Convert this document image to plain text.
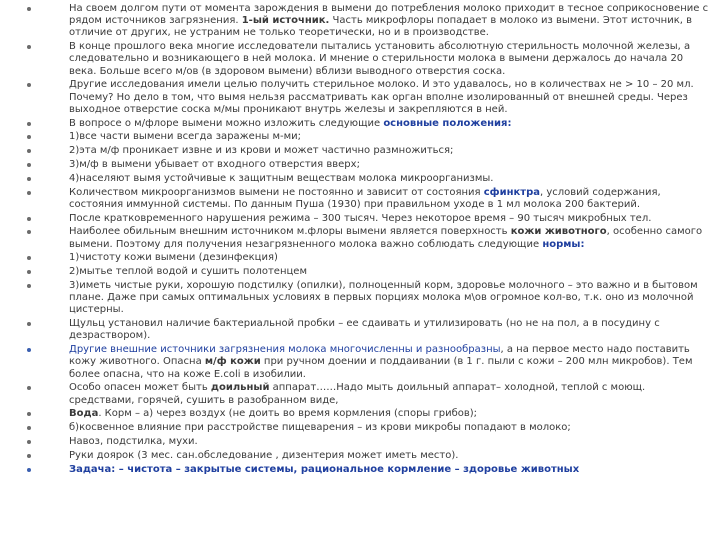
На своем долгом пути от момента зарождения в вымени до потребления молоко приходит в тесное соприкосновение с рядом источников загрязнения. 1-ый источник. Часть микрофлоры попадает в молоко из вымени. Этот источник, в отличие от других, не устраним не только теоретически, но и в производстве.
В конце прошлого века многие исследователи пытались установить абсолютную стерильность молочной железы, а следовательно и возникающего в ней молока. И мнение о стерильности молока в вымени держалось до начала 20 века. Больше всего м/ов (в здоровом вымени) вблизи выводного отверстия соска.
Другие исследования имели целью получить стерильное молоко. И это удавалось, но в количествах не > 10 – 20 мл. Почему? Но дело в том, что вымя нельзя рассматривать как орган вполне изолированный от внешней среды. Через выходное отверстие соска м/мы проникают внутрь железы и закрепляются в ней.
В вопросе о м/флоре вымени можно изложить следующие основные положения:
1)все части вымени всегда заражены м-ми;
2)эта м/ф проникает извне и из крови и может частично размножиться;
3)м/ф в вымени убывает от входного отверстия вверх;
4)населяют вымя устойчивые к защитным веществам молока микроорганизмы.
Количеством микроорганизмов вымени не постоянно и зависит от состояния сфинктра, условий содержания, состояния иммунной системы. По данным Пуша (1930) при правильном уходе в 1 мл молока 200 бактерий.
После кратковременного нарушения режима – 300 тысяч. Через некоторое время – 90 тысяч микробных тел.
Наиболее обильным внешним источником м.флоры вымени является поверхность кожи животного, особенно самого вымени. Поэтому для получения незагрязненного молока важно соблюдать следующие нормы:
1)чистоту кожи вымени (дезинфекция)
2)мытье теплой водой и сушить полотенцем
3)иметь чистые руки, хорошую подстилку (опилки), полноценный корм, здоровье молочного – это важно и в бытовом плане. Даже при самых оптимальных условиях в первых порциях молока м\ов огромное кол-во, т.к. оно из молочной цистерны.
Щульц установил наличие бактериальной пробки – ее сдаивать и утилизировать (но не на пол, а в посудину с дезраствором).
Другие внешние источники загрязнения молока многочисленны и разнообразны, а на первое место надо поставить кожу животного. Опасна м/ф кожи при ручном доении и поддаивании (в 1 г. пыли с кожи – 200 млн микробов). Тем более опасна, что на коже E.coli в изобилии.
Особо опасен может быть доильный аппарат……Надо мыть доильный аппарат– холодной, теплой с моющ. средствами, горячей, сушить в разобранном виде,
Вода. Корм – а) через воздух (не доить во время кормления (споры грибов);
б)косвенное влияние при расстройстве пищеварения – из крови микробы попадают в молоко;
Навоз, подстилка, мухи.
Руки доярок (3 мес. сан.обследование , дизентерия может иметь место).
Задача: – чистота – закрытые системы, рациональное кормление – здоровье животных
